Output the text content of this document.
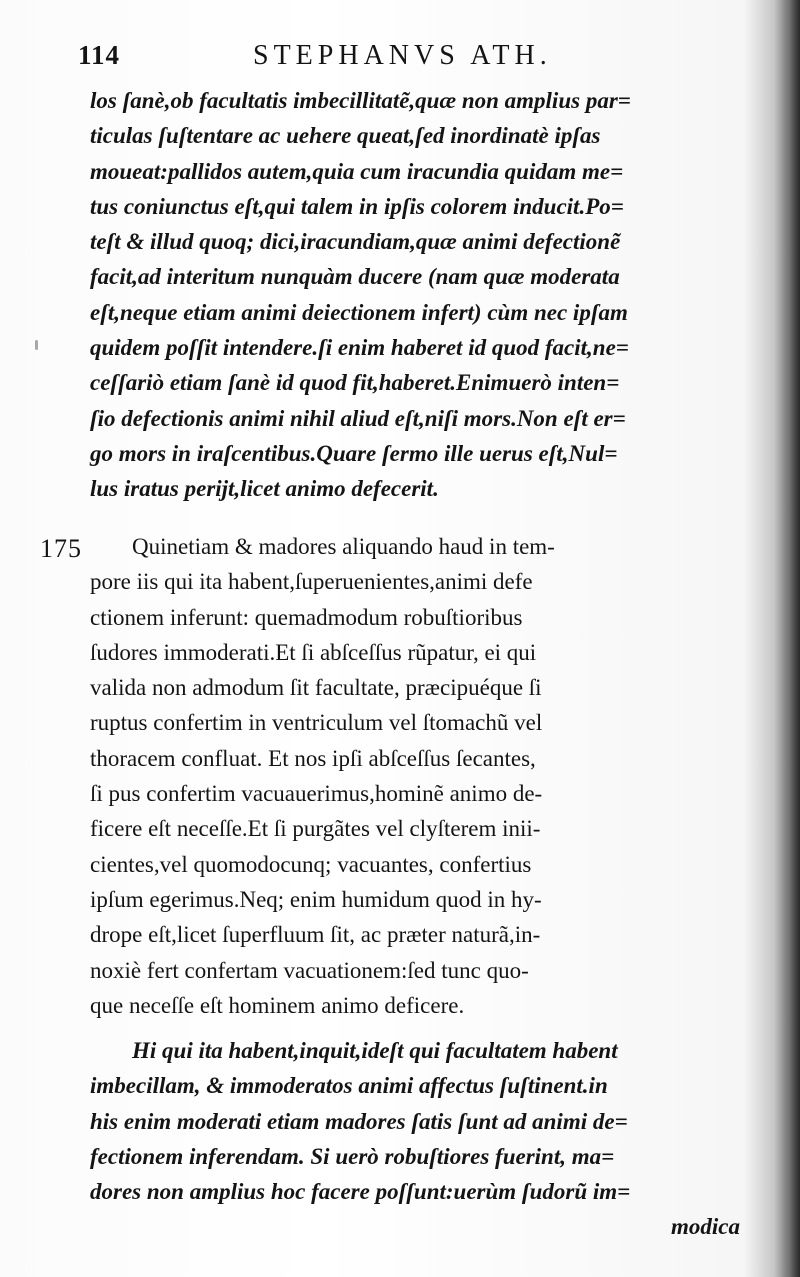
114	STEPHANVS ATH.
los ſanè,ob facultatis imbecillitatẽ,quæ non amplius par=
ticulas ſuſtentare ac uehere queat,ſed inordinatè ipſas
moueat:pallidos autem,quia cum iracundia quidam me=
tus coniunctus eſt,qui talem in ipſis colorem inducit.Po=
teſt & illud quoq; dici,iracundiam,quæ animi defectionẽ
facit,ad interitum nunquàm ducere (nam quæ moderata
eſt,neque etiam animi deiectionem infert) cùm nec ipſam
quidem poſſit intendere.ſi enim haberet id quod facit,ne=
ceſſariò etiam ſanè id quod fit,haberet.Enimuerò inten=
ſio defectionis animi nihil aliud eſt,niſi mors.Non eſt er=
go mors in iraſcentibus.Quare ſermo ille uerus eſt,Nul=
lus iratus periјt,licet animo defecerit.
175	Quinetiam & madores aliquando haud in tem-
pore iis qui ita habent,ſuperuenientes,animi defe
ctionem inferunt: quemadmodum robuſtioribus
ſudores immoderati.Et ſi abſceſſus rũpatur, ei qui
valida non admodum ſit facultate, præcipuéque ſi
ruptus confertim in ventriculum vel ſtomachũ vel
thoracem confluat. Et nos ipſi abſceſſus ſecantes,
ſi pus confertim vacuauerimus,hominẽ animo de-
ficere eſt neceſſe.Et ſi purgãtes vel clyſterem inii-
cientes,vel quomodocunq; vacuantes, confertius
ipſum egerimus.Neq; enim humidum quod in hy-
drope eſt,licet ſuperfluum ſit, ac præter naturã,in-
noxiè fert confertam vacuationem:ſed tunc quo-
que neceſſe eſt hominem animo deficere.
Hi qui ita habent,inquit,ideſt qui facultatem habent
imbecillam, & immoderatos animi affectus ſuſtinent.in
his enim moderati etiam madores ſatis ſunt ad animi de=
fectionem inferendam. Si uerò robuſtiores fuerint, ma=
dores non amplius hoc facere poſſunt:uerùm ſudorũ im=
modica
